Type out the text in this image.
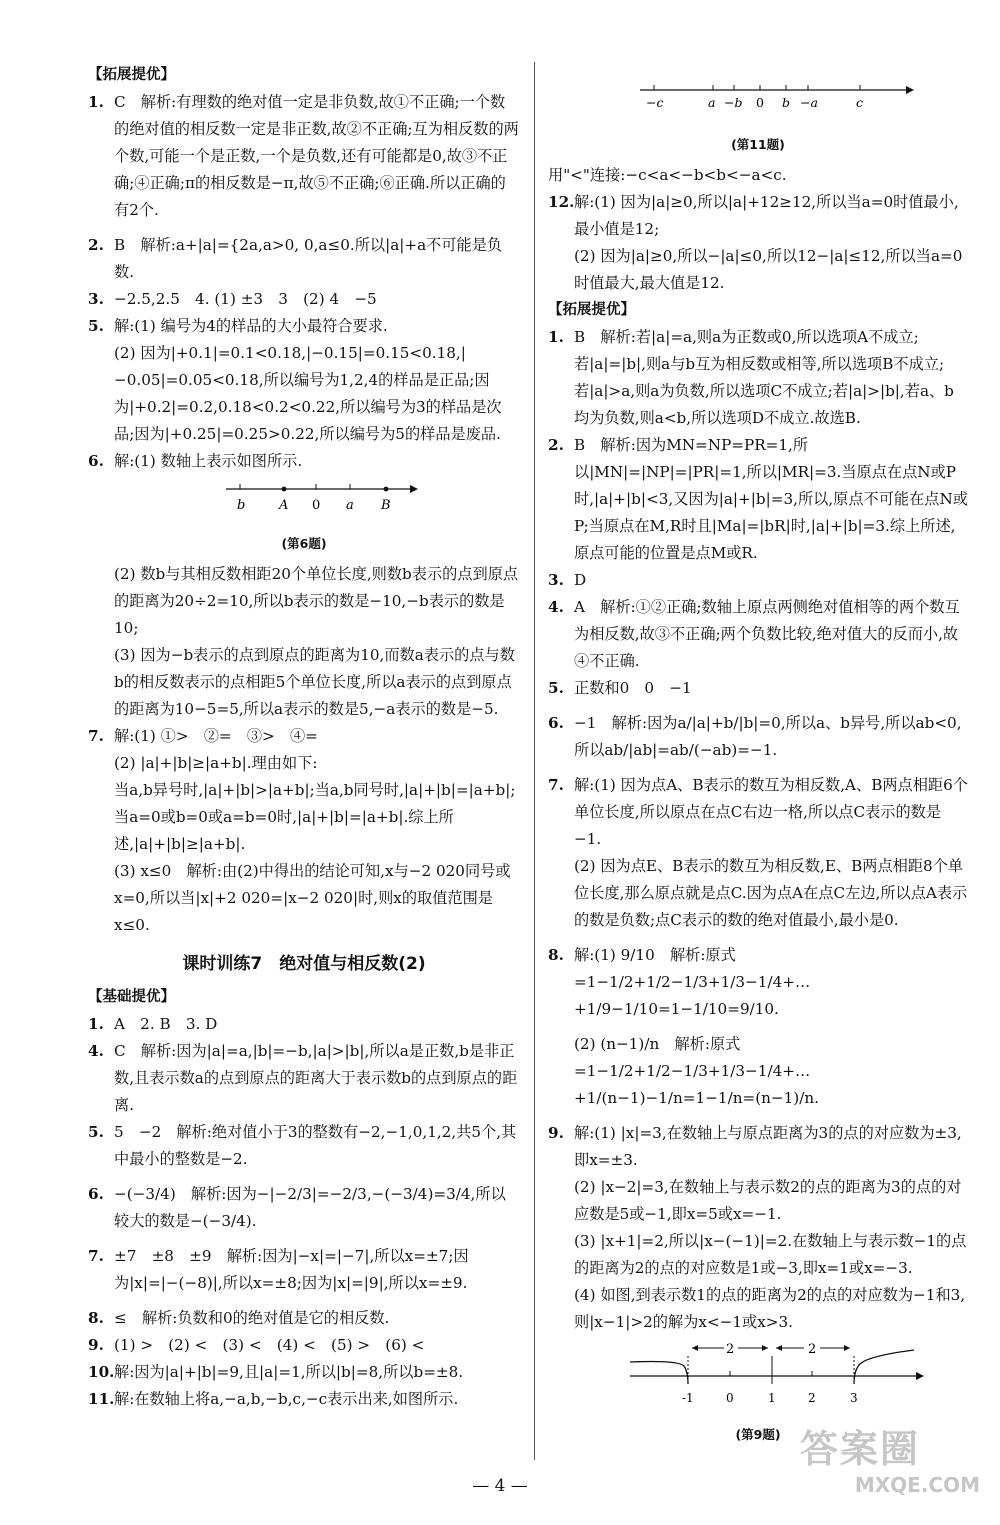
【拓展提优】

1. C　解析:有理数的绝对值一定是非负数,故①不正确;一个数的绝对值的相反数一定是非正数,故②不正确;互为相反数的两个数,可能一个是正数,一个是负数,还有可能都是0,故③不正确;④正确;π的相反数是−π,故⑤不正确;⑥正确.所以正确的有2个.

2. B　解析:a+|a|={2a,a>0, 0,a≤0.所以|a|+a不可能是负数.

3. −2.5,2.5　4. (1) ±3　3　(2) 4　−5

5. 解:(1) 编号为4的样品的大小最符合要求.

(2) 因为|+0.1|=0.1<0.18,|−0.15|=0.15<0.18,|−0.05|=0.05<0.18,所以编号为1,2,4的样品是正品;因为|+0.2|=0.2,0.18<0.2<0.22,所以编号为3的样品是次品;因为|+0.25|=0.25>0.22,所以编号为5的样品是废品.

6. 解:(1) 数轴上表示如图所示.

b	A 0 a B
(第6题)

(2) 数b与其相反数相距20个单位长度,则数b表示的点到原点的距离为20÷2=10,所以b表示的数是−10,−b表示的数是10;

(3) 因为−b表示的点到原点的距离为10,而数a表示的点与数b的相反数表示的点相距5个单位长度,所以a表示的点到原点的距离为10−5=5,所以a表示的数是5,−a表示的数是−5.

7. 解:(1) ①>　②=　③>　④=

(2) |a|+|b|≥|a+b|.理由如下:

当a,b异号时,|a|+|b|>|a+b|;当a,b同号时,|a|+|b|=|a+b|;当a=0或b=0或a=b=0时,|a|+|b|=|a+b|.综上所述,|a|+|b|≥|a+b|.

(3) x≤0　解析:由(2)中得出的结论可知,x与−2 020同号或x=0,所以当|x|+2 020=|x−2 020|时,则x的取值范围是x≤0.

课时训练7　绝对值与相反数(2)
【基础提优】

1. A　2. B　3. D

4. C　解析:因为|a|=a,|b|=−b,|a|>|b|,所以a是正数,b是非正数,且表示数a的点到原点的距离大于表示数b的点到原点的距离.

5. 5　−2　解析:绝对值小于3的整数有−2,−1,0,1,2,共5个,其中最小的整数是−2.

6. −(−3/4)　解析:因为−|−2/3|=−2/3,−(−3/4)=3/4,所以较大的数是−(−3/4).

7. ±7　±8　±9　解析:因为|−x|=|−7|,所以x=±7;因为|x|=|−(−8)|,所以x=±8;因为|x|=|9|,所以x=±9.

8. ≤　解析:负数和0的绝对值是它的相反数.

9. (1) >　(2) <　(3) <　(4) <　(5) >　(6) <

10.解:因为|a|+|b|=9,且|a|=1,所以|b|=8,所以b=±8.

11.解:在数轴上将a,−a,b,−b,c,−c表示出来,如图所示.

−c	a −b 0 b −a	c
(第11题)

用"<"连接:−c<a<−b<b<−a<c.

12.解:(1) 因为|a|≥0,所以|a|+12≥12,所以当a=0时值最小,最小值是12;

(2) 因为|a|≥0,所以−|a|≤0,所以12−|a|≤12,所以当a=0时值最大,最大值是12.

【拓展提优】

1. B　解析:若|a|=a,则a为正数或0,所以选项A不成立;若|a|=|b|,则a与b互为相反数或相等,所以选项B不成立;若|a|>a,则a为负数,所以选项C不成立;若|a|>|b|,若a、b均为负数,则a<b,所以选项D不成立.故选B.

2. B　解析:因为MN=NP=PR=1,所以|MN|=|NP|=|PR|=1,所以|MR|=3.当原点在点N或P时,|a|+|b|<3,又因为|a|+|b|=3,所以,原点不可能在点N或P;当原点在M,R时且|Ma|=|bR|时,|a|+|b|=3.综上所述,原点可能的位置是点M或R.

3. D

4. A　解析:①②正确;数轴上原点两侧绝对值相等的两个数互为相反数,故③不正确;两个负数比较,绝对值大的反而小,故④不正确.

5. 正数和0　0　−1

6. −1　解析:因为a/|a|+b/|b|=0,所以a、b异号,所以ab<0,所以ab/|ab|=ab/(−ab)=−1.

7. 解:(1) 因为点A、B表示的数互为相反数,A、B两点相距6个单位长度,所以原点在点C右边一格,所以点C表示的数是−1.

(2) 因为点E、B表示的数互为相反数,E、B两点相距8个单位长度,那么原点就是点C.因为点A在点C左边,所以点A表示的数是负数;点C表示的数的绝对值最小,最小是0.

8. 解:(1) 9/10　解析:原式=1−1/2+1/2−1/3+1/3−1/4+…+1/9−1/10=1−1/10=9/10.

(2) (n−1)/n　解析:原式=1−1/2+1/2−1/3+1/3−1/4+…+1/(n−1)−1/n=1−1/n=(n−1)/n.

9. 解:(1) |x|=3,在数轴上与原点距离为3的点的对应数为±3,即x=±3.

(2) |x−2|=3,在数轴上与表示数2的点的距离为3的点的对应数是5或−1,即x=5或x=−1.

(3) |x+1|=2,所以|x−(−1)|=2.在数轴上与表示数−1的点的距离为2的点的对应数是1或−3,即x=1或x=−3.

(4) 如图,到表示数1的点的距离为2的点的对应数为−1和3,则|x−1|>2的解为x<−1或x>3.

2	2
-1	0	1	2	3
(第9题)
— 4 —
答案圈
MXQE.COM
